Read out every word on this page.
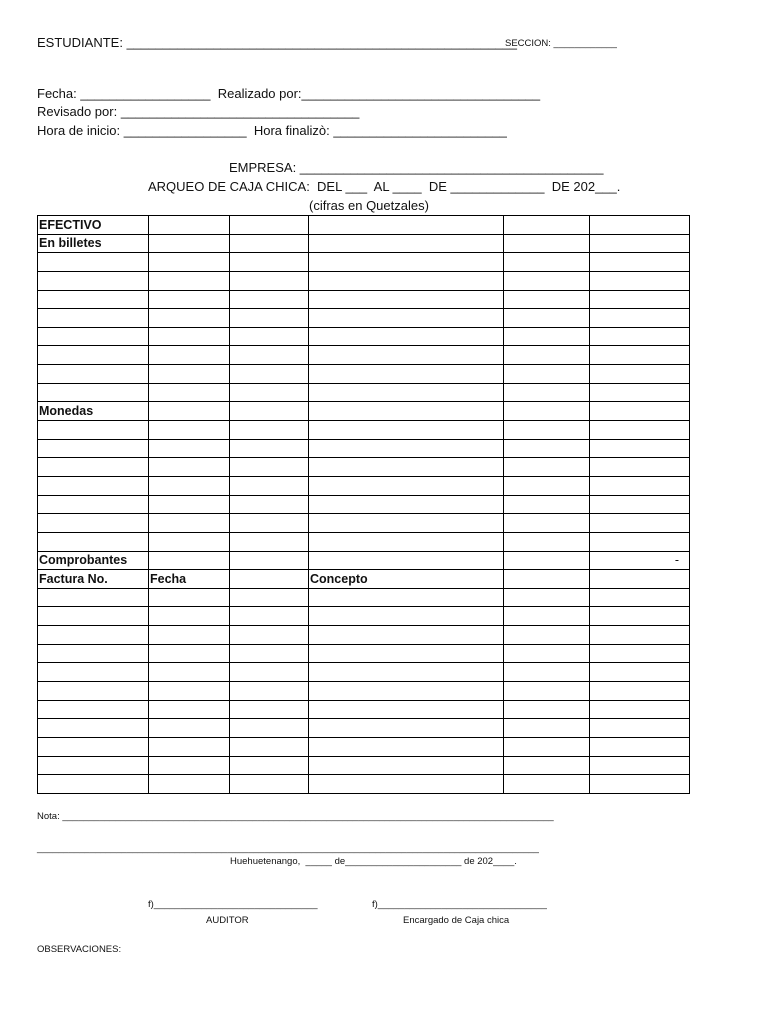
ESTUDIANTE: ______________________________________________________
SECCION: ____________
Fecha: __________________  Realizado por:_________________________________
Revisado por: _________________________________
Hora de inicio: _________________  Hora finalizò: ________________________
EMPRESA: __________________________________________
ARQUEO DE CAJA CHICA:  DEL ___  AL ____  DE _____________  DE 202___.
(cifras en Quetzales)
EFECTIVO					
En billetes					

Monedas					

Comprobantes					-
Factura No.	Fecha		Concepto		

Nota: _____________________________________________________________________________________________
_______________________________________________________________________________________________
Huehuetenango,  _____ de______________________ de 202____.
f)_______________________________
AUDITOR
f)________________________________
Encargado de Caja chica
OBSERVACIONES:
